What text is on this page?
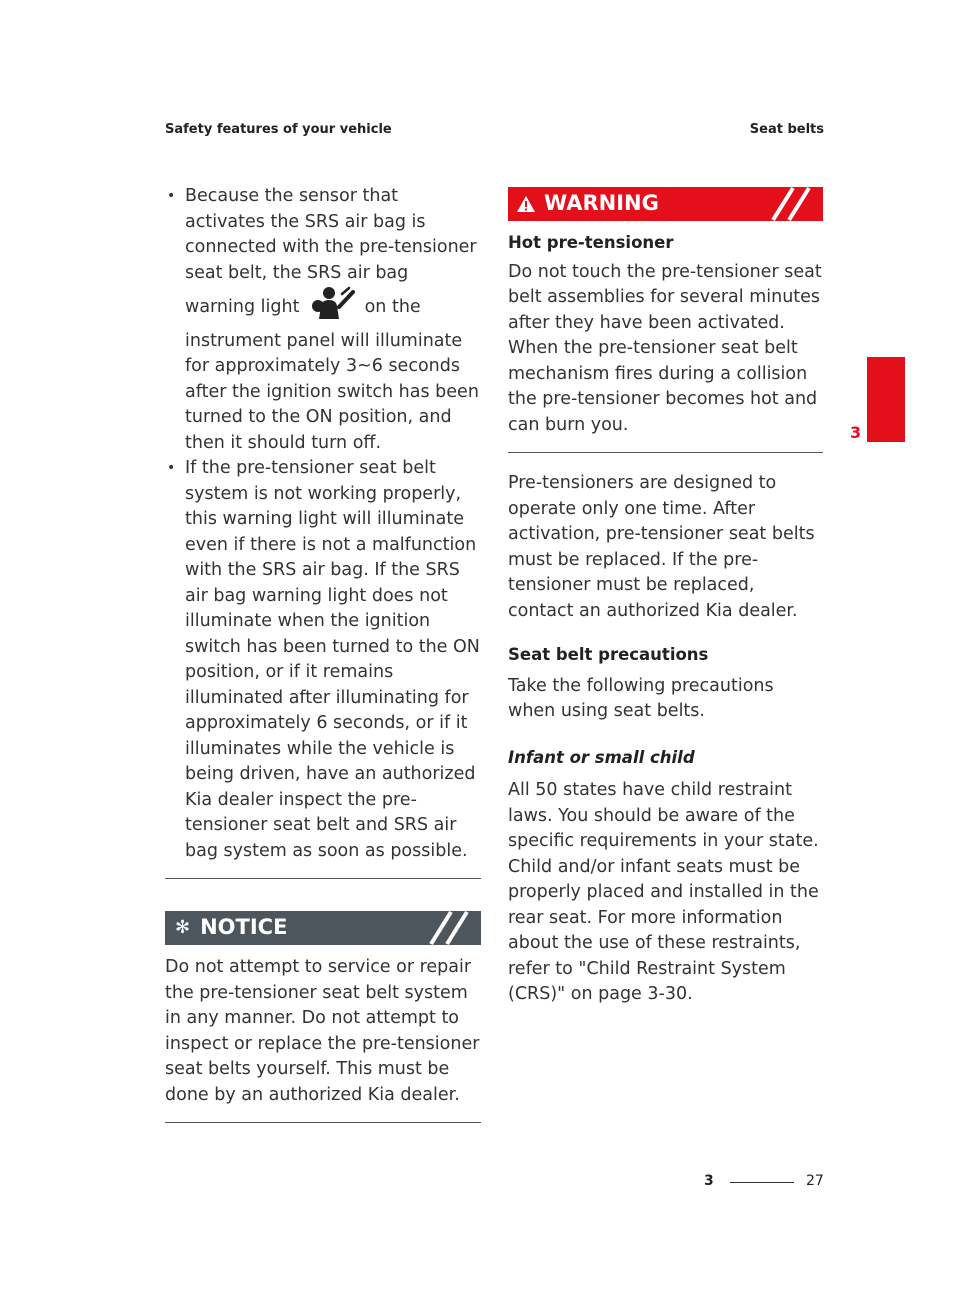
Safety features of your vehicle	Seat belts
• Because the sensor that activates the SRS air bag is connected with the pre-tensioner seat belt, the SRS air bag warning light	on the instrument panel will illuminate for approximately 3~6 seconds after the ignition switch has been turned to the ON position, and then it should turn off.
• If the pre-tensioner seat belt system is not working properly, this warning light will illuminate even if there is not a malfunction with the SRS air bag. If the SRS air bag warning light does not illuminate when the ignition switch has been turned to the ON position, or if it remains illuminated after illuminating for approximately 6 seconds, or if it illuminates while the vehicle is being driven, have an authorized Kia dealer inspect the pre-tensioner seat belt and SRS air bag system as soon as possible.
✻ NOTICE

Do not attempt to service or repair the pre-tensioner seat belt system in any manner. Do not attempt to inspect or replace the pre-tensioner seat belts yourself. This must be done by an authorized Kia dealer.

WARNING

Hot pre-tensioner

Do not touch the pre-tensioner seat belt assemblies for several minutes after they have been activated. When the pre-tensioner seat belt mechanism fires during a collision the pre-tensioner becomes hot and can burn you.

Pre-tensioners are designed to operate only one time. After activation, pre-tensioner seat belts must be replaced. If the pre-tensioner must be replaced, contact an authorized Kia dealer.

Seat belt precautions

Take the following precautions when using seat belts.

Infant or small child

All 50 states have child restraint laws. You should be aware of the specific requirements in your state. Child and/or infant seats must be properly placed and installed in the rear seat. For more information about the use of these restraints, refer to "Child Restraint System (CRS)" on page 3-30.

3
3	27
